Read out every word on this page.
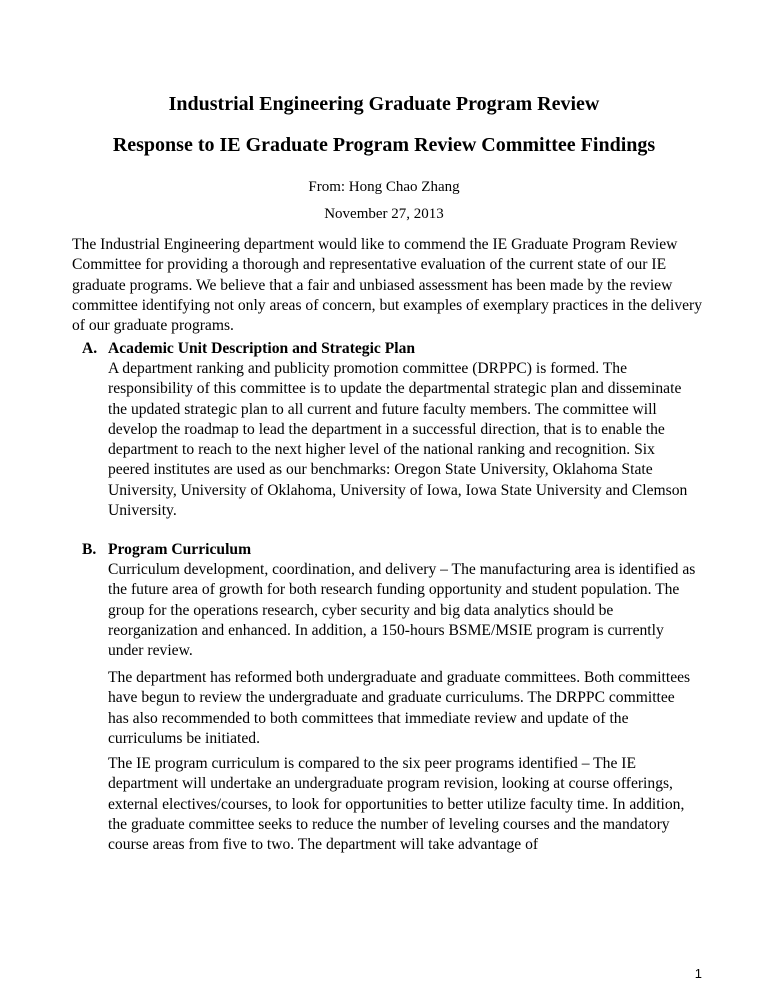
Industrial Engineering Graduate Program Review
Response to IE Graduate Program Review Committee Findings

From: Hong Chao Zhang

November 27, 2013

The Industrial Engineering department would like to commend the IE Graduate Program Review Committee for providing a thorough and representative evaluation of the current state of our IE graduate programs. We believe that a fair and unbiased assessment has been made by the review committee identifying not only areas of concern, but examples of exemplary practices in the delivery of our graduate programs.

A. Academic Unit Description and Strategic Plan

A department ranking and publicity promotion committee (DRPPC) is formed. The responsibility of this committee is to update the departmental strategic plan and disseminate the updated strategic plan to all current and future faculty members. The committee will develop the roadmap to lead the department in a successful direction, that is to enable the department to reach to the next higher level of the national ranking and recognition. Six peered institutes are used as our benchmarks: Oregon State University, Oklahoma State University, University of Oklahoma, University of Iowa, Iowa State University and Clemson University.

B. Program Curriculum

Curriculum development, coordination, and delivery – The manufacturing area is identified as the future area of growth for both research funding opportunity and student population. The group for the operations research, cyber security and big data analytics should be reorganization and enhanced. In addition, a 150-hours BSME/MSIE program is currently under review.

The department has reformed both undergraduate and graduate committees. Both committees have begun to review the undergraduate and graduate curriculums. The DRPPC committee has also recommended to both committees that immediate review and update of the curriculums be initiated.

The IE program curriculum is compared to the six peer programs identified – The IE department will undertake an undergraduate program revision, looking at course offerings, external electives/courses, to look for opportunities to better utilize faculty time. In addition, the graduate committee seeks to reduce the number of leveling courses and the mandatory course areas from five to two. The department will take advantage of

1
